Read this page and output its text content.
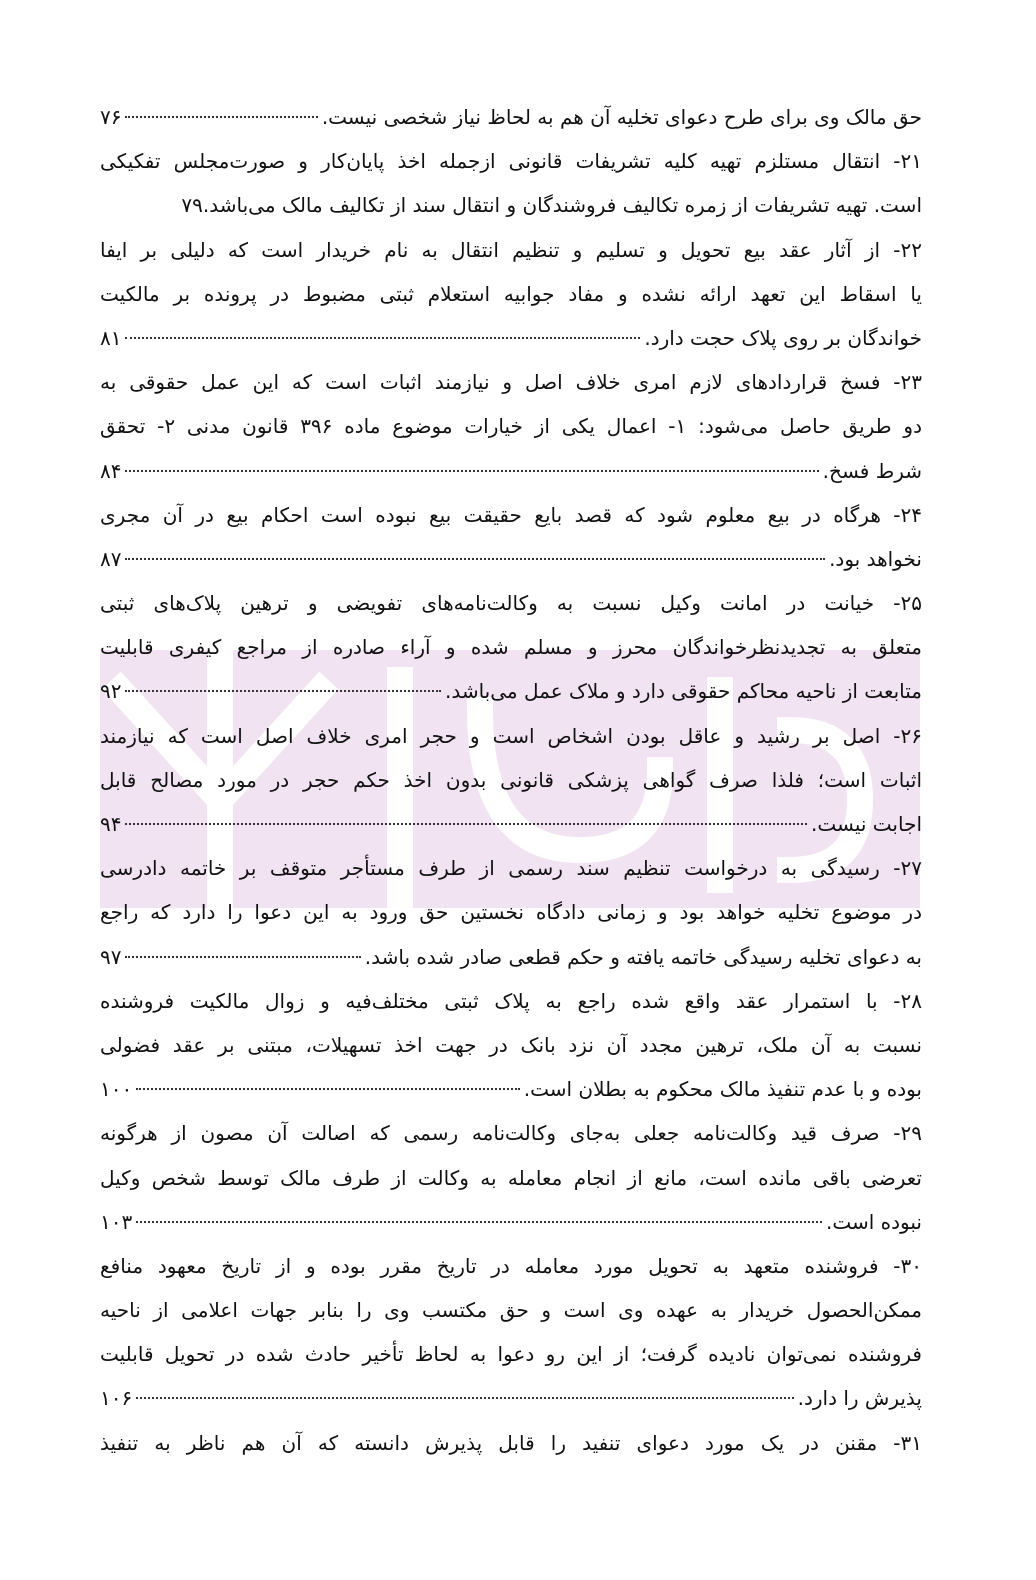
حق مالک وی برای طرح دعوای تخلیه آن هم به لحاظ نیاز شخصی نیست.
۷۶
۲۱- انتقال مستلزم تهیه کلیه تشریفات قانونی ازجمله اخذ پایان‌کار و صورت‌مجلس تفکیکی
است. تهیه تشریفات از زمره تکالیف فروشندگان و انتقال سند از تکالیف مالک می‌باشد.
۷۹
۲۲- از آثار عقد بیع تحویل و تسلیم و تنظیم انتقال به نام خریدار است که دلیلی بر ایفا
یا اسقاط این تعهد ارائه نشده و مفاد جوابیه استعلام ثبتی مضبوط در پرونده بر مالکیت
خواندگان بر روی پلاک حجت دارد.
۸۱
۲۳- فسخ قراردادهای لازم امری خلاف اصل و نیازمند اثبات است که این عمل حقوقی به
دو طریق حاصل می‌شود: ۱- اعمال یکی از خیارات موضوع ماده ۳۹۶ قانون مدنی ۲- تحقق
شرط فسخ.
۸۴
۲۴- هرگاه در بیع معلوم شود که قصد بایع حقیقت بیع نبوده است احکام بیع در آن مجری
نخواهد بود.
۸۷
۲۵- خیانت در امانت وکیل نسبت به وکالت‌نامه‌های تفویضی و ترهین پلاک‌های ثبتی
متعلق به تجدیدنظرخواندگان محرز و مسلم شده و آراء صادره از مراجع کیفری قابلیت
متابعت از ناحیه محاکم حقوقی دارد و ملاک عمل می‌باشد.
۹۲
۲۶- اصل بر رشید و عاقل بودن اشخاص است و حجر امری خلاف اصل است که نیازمند
اثبات است؛ فلذا صرف گواهی پزشکی قانونی بدون اخذ حکم حجر در مورد مصالح قابل
اجابت نیست.
۹۴
۲۷- رسیدگی به درخواست تنظیم سند رسمی از طرف مستأجر متوقف بر خاتمه دادرسی
در موضوع تخلیه خواهد بود و زمانی دادگاه نخستین حق ورود به این دعوا را دارد که راجع
به دعوای تخلیه رسیدگی خاتمه یافته و حکم قطعی صادر شده باشد.
۹۷
۲۸- با استمرار عقد واقع شده راجع به پلاک ثبتی مختلف‌فیه و زوال مالکیت فروشنده
نسبت به آن ملک، ترهین مجدد آن نزد بانک در جهت اخذ تسهیلات، مبتنی بر عقد فضولی
بوده و با عدم تنفیذ مالک محکوم به بطلان است.
۱۰۰
۲۹- صرف قید وکالت‌نامه جعلی به‌جای وکالت‌نامه رسمی که اصالت آن مصون از هرگونه
تعرضی باقی مانده است، مانع از انجام معامله به وکالت از طرف مالک توسط شخص وکیل
نبوده است.
۱۰۳
۳۰- فروشنده متعهد به تحویل مورد معامله در تاریخ مقرر بوده و از تاریخ معهود منافع
ممکن‌الحصول خریدار به عهده وی است و حق مکتسب وی را بنابر جهات اعلامی از ناحیه
فروشنده نمی‌توان نادیده گرفت؛ از این رو دعوا به لحاظ تأخیر حادث شده در تحویل قابلیت
پذیرش را دارد.
۱۰۶
۳۱- مقنن در یک مورد دعوای تنفید را قابل پذیرش دانسته که آن هم ناظر به تنفیذ
